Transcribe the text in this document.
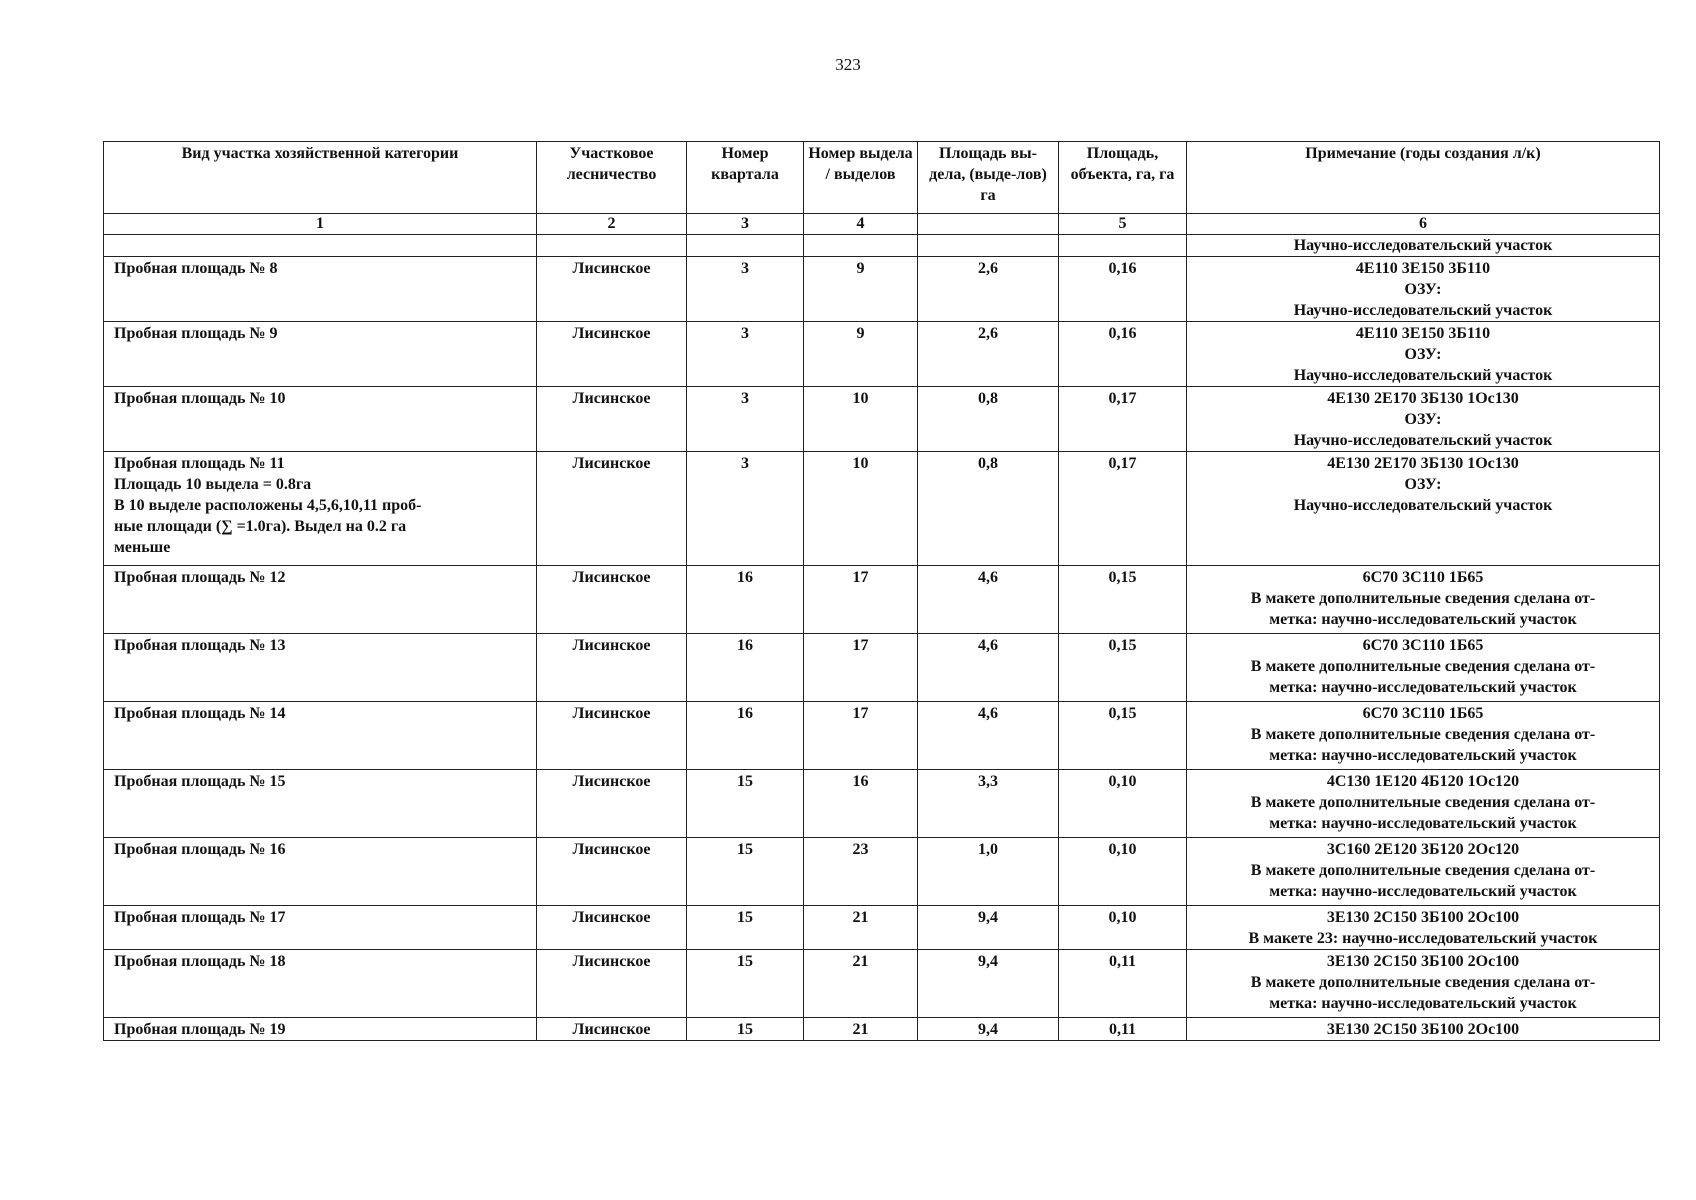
323
Вид участка хозяйственной категории	Участковое лесничество	Номер квартала	Номер выдела / выделов	Площадь вы-дела, (выде-лов) га	Площадь, объекта, га, га	Примечание (годы создания л/к)
1	2	3	4		5	6
						Научно-исследовательский участок

Пробная площадь № 8	Лисинское	3	9	2,6	0,16	4Е110 3Е150 3Б110
ОЗУ:
Научно-исследовательский участок

Пробная площадь № 9	Лисинское	3	9	2,6	0,16	4Е110 3Е150 3Б110
ОЗУ:
Научно-исследовательский участок

Пробная площадь № 10	Лисинское	3	10	0,8	0,17	4Е130 2Е170 3Б130 1Ос130
ОЗУ:
Научно-исследовательский участок

Пробная площадь № 11
Площадь 10 выдела = 0.8га
В 10 выделе расположены 4,5,6,10,11 проб-
ные площади (∑ =1.0га). Выдел на 0.2 га
меньше	Лисинское	3	10	0,8	0,17	4Е130 2Е170 3Б130 1Ос130
ОЗУ:
Научно-исследовательский участок

Пробная площадь № 12	Лисинское	16	17	4,6	0,15	6С70 3С110 1Б65
В макете дополнительные сведения сделана от-
метка: научно-исследовательский участок

Пробная площадь № 13	Лисинское	16	17	4,6	0,15	6С70 3С110 1Б65
В макете дополнительные сведения сделана от-
метка: научно-исследовательский участок

Пробная площадь № 14	Лисинское	16	17	4,6	0,15	6С70 3С110 1Б65
В макете дополнительные сведения сделана от-
метка: научно-исследовательский участок

Пробная площадь № 15	Лисинское	15	16	3,3	0,10	4С130 1Е120 4Б120 1Ос120
В макете дополнительные сведения сделана от-
метка: научно-исследовательский участок

Пробная площадь № 16	Лисинское	15	23	1,0	0,10	3С160 2Е120 3Б120 2Ос120
В макете дополнительные сведения сделана от-
метка: научно-исследовательский участок

Пробная площадь № 17	Лисинское	15	21	9,4	0,10	3Е130 2С150 3Б100 2Ос100
В макете 23: научно-исследовательский участок

Пробная площадь № 18	Лисинское	15	21	9,4	0,11	3Е130 2С150 3Б100 2Ос100
В макете дополнительные сведения сделана от-
метка: научно-исследовательский участок

Пробная площадь № 19	Лисинское	15	21	9,4	0,11	3Е130 2С150 3Б100 2Ос100
